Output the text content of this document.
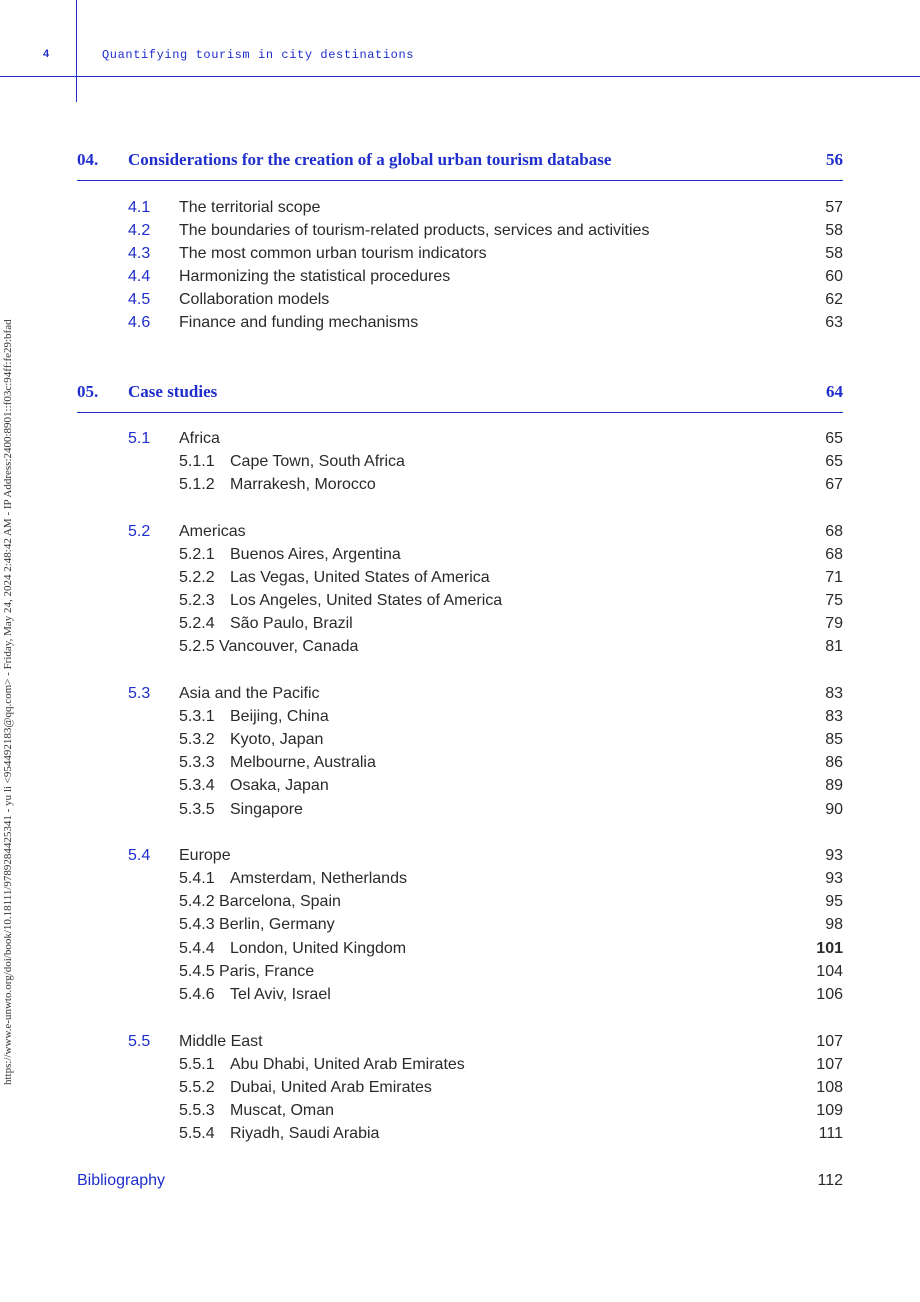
4	Quantifying tourism in city destinations
https://www.e-unwto.org/doi/book/10.18111/9789284425341 - yu li <954492183@qq.com> - Friday, May 24, 2024 2:48:42 AM - IP Address:2400:8901::f03c:94ff:fe29:bfad
04. Considerations for the creation of a global urban tourism database	56
4.1 The territorial scope	57
4.2 The boundaries of tourism-related products, services and activities	58
4.3 The most common urban tourism indicators	58
4.4 Harmonizing the statistical procedures	60
4.5 Collaboration models	62
4.6 Finance and funding mechanisms	63
05. Case studies	64
5.1 Africa	65
5.1.1 Cape Town, South Africa	65
5.1.2 Marrakesh, Morocco	67
5.2 Americas	68
5.2.1 Buenos Aires, Argentina	68
5.2.2 Las Vegas, United States of America	71
5.2.3 Los Angeles, United States of America	75
5.2.4 São Paulo, Brazil	79
5.2.5 Vancouver, Canada	81
5.3 Asia and the Pacific	83
5.3.1 Beijing, China	83
5.3.2 Kyoto, Japan	85
5.3.3 Melbourne, Australia	86
5.3.4 Osaka, Japan	89
5.3.5 Singapore	90
5.4 Europe	93
5.4.1 Amsterdam, Netherlands	93
5.4.2 Barcelona, Spain	95
5.4.3 Berlin, Germany	98
5.4.4 London, United Kingdom	101
5.4.5 Paris, France	104
5.4.6 Tel Aviv, Israel	106
5.5 Middle East	107
5.5.1 Abu Dhabi, United Arab Emirates	107
5.5.2 Dubai, United Arab Emirates	108
5.5.3 Muscat, Oman	109
5.5.4 Riyadh, Saudi Arabia	111
Bibliography	112
